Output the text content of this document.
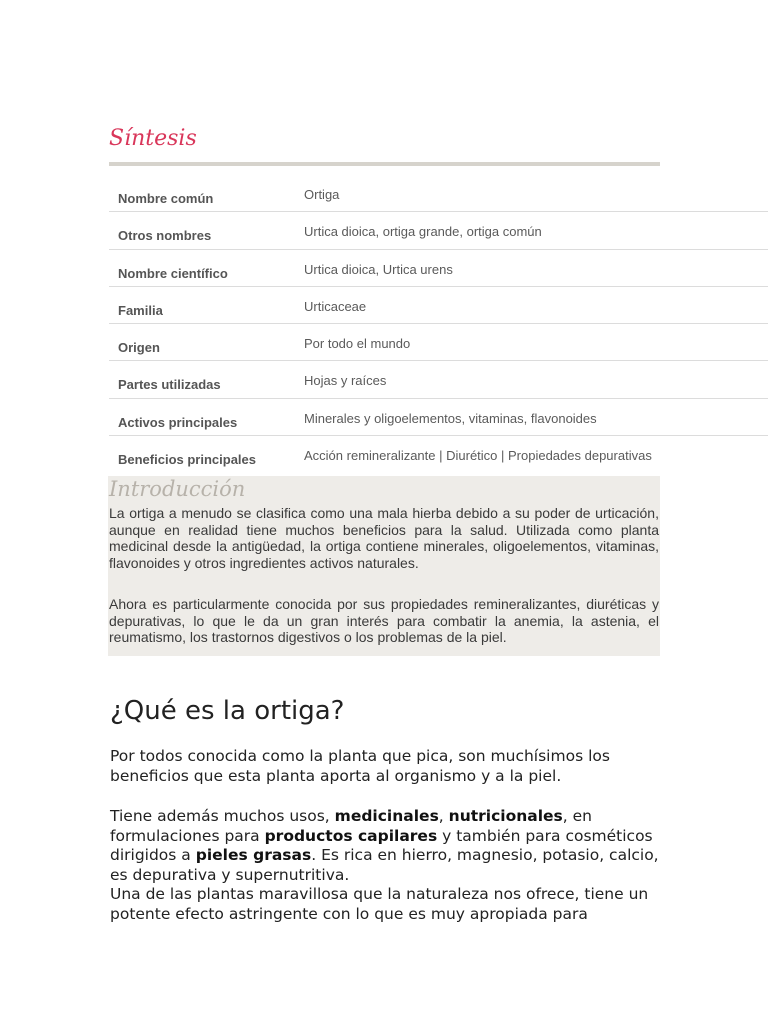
Síntesis
Nombre común	Ortiga
Otros nombres	Urtica dioica, ortiga grande, ortiga común
Nombre científico	Urtica dioica, Urtica urens
Familia	Urticaceae
Origen	Por todo el mundo
Partes utilizadas	Hojas y raíces
Activos principales	Minerales y oligoelementos, vitaminas, flavonoides
Beneficios principales	Acción remineralizante | Diurético | Propiedades depurativas
Introducción

La ortiga a menudo se clasifica como una mala hierba debido a su poder de urticación, aunque en realidad tiene muchos beneficios para la salud. Utilizada como planta medicinal desde la antigüedad, la ortiga contiene minerales, oligoelementos, vitaminas, flavonoides y otros ingredientes activos naturales.

Ahora es particularmente conocida por sus propiedades remineralizantes, diuréticas y depurativas, lo que le da un gran interés para combatir la anemia, la astenia, el reumatismo, los trastornos digestivos o los problemas de la piel.

¿Qué es la ortiga?

Por todos conocida como la planta que pica, son muchísimos los beneficios que esta planta aporta al organismo y a la piel.

Tiene además muchos usos, medicinales, nutricionales, en formulaciones para productos capilares y también para cosméticos dirigidos a pieles grasas. Es rica en hierro, magnesio, potasio, calcio, es depurativa y supernutritiva.
Una de las plantas maravillosa que la naturaleza nos ofrece, tiene un potente efecto astringente con lo que es muy apropiada para
